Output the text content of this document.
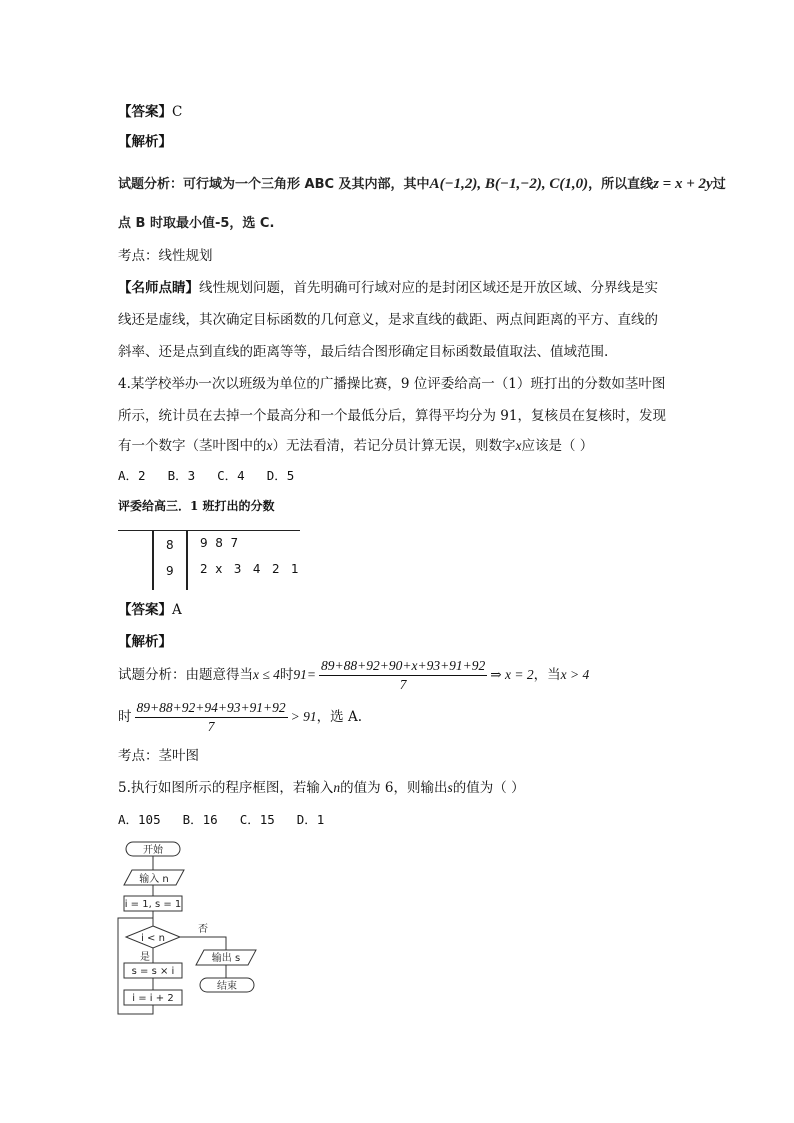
【答案】C
【解析】
试题分析：可行域为一个三角形 ABC 及其内部，其中A(−1,2), B(−1,−2), C(1,0)，所以直线z = x + 2y过
点 B 时取最小值-5，选 C.
考点：线性规划
【名师点睛】线性规划问题，首先明确可行域对应的是封闭区域还是开放区域、分界线是实
线还是虚线，其次确定目标函数的几何意义，是求直线的截距、两点间距离的平方、直线的
斜率、还是点到直线的距离等等，最后结合图形确定目标函数最值取法、值域范围.
4.某学校举办一次以班级为单位的广播操比赛，9 位评委给高一（1）班打出的分数如茎叶图
所示，统计员在去掉一个最高分和一个最低分后，算得平均分为 91，复核员在复核时，发现
有一个数字（茎叶图中的x）无法看清，若记分员计算无误，则数字x应该是（ ）
A．2 B．3 C．4 D．5
评委给高三．1 班打出的分数
8 9  8  7
9 2  x   3   4   2   1
【答案】A
【解析】
试题分析：由题意得当x ≤ 4时$91= \frac{89+88+92+90+x+93+91+92}{7}$ ⇒ x = 2，当x > 4
时 $\frac{89+88+92+94+93+91+92}{7} > 91$，选 A.
考点：茎叶图
5.执行如图所示的程序框图，若输入n的值为 6，则输出s的值为（ ）
A．105 B．16 C．15 D．1
开始
输入 n
i = 1, s = 1
i < n
否
输出 s
结束
是
s = s × i
i = i + 2
